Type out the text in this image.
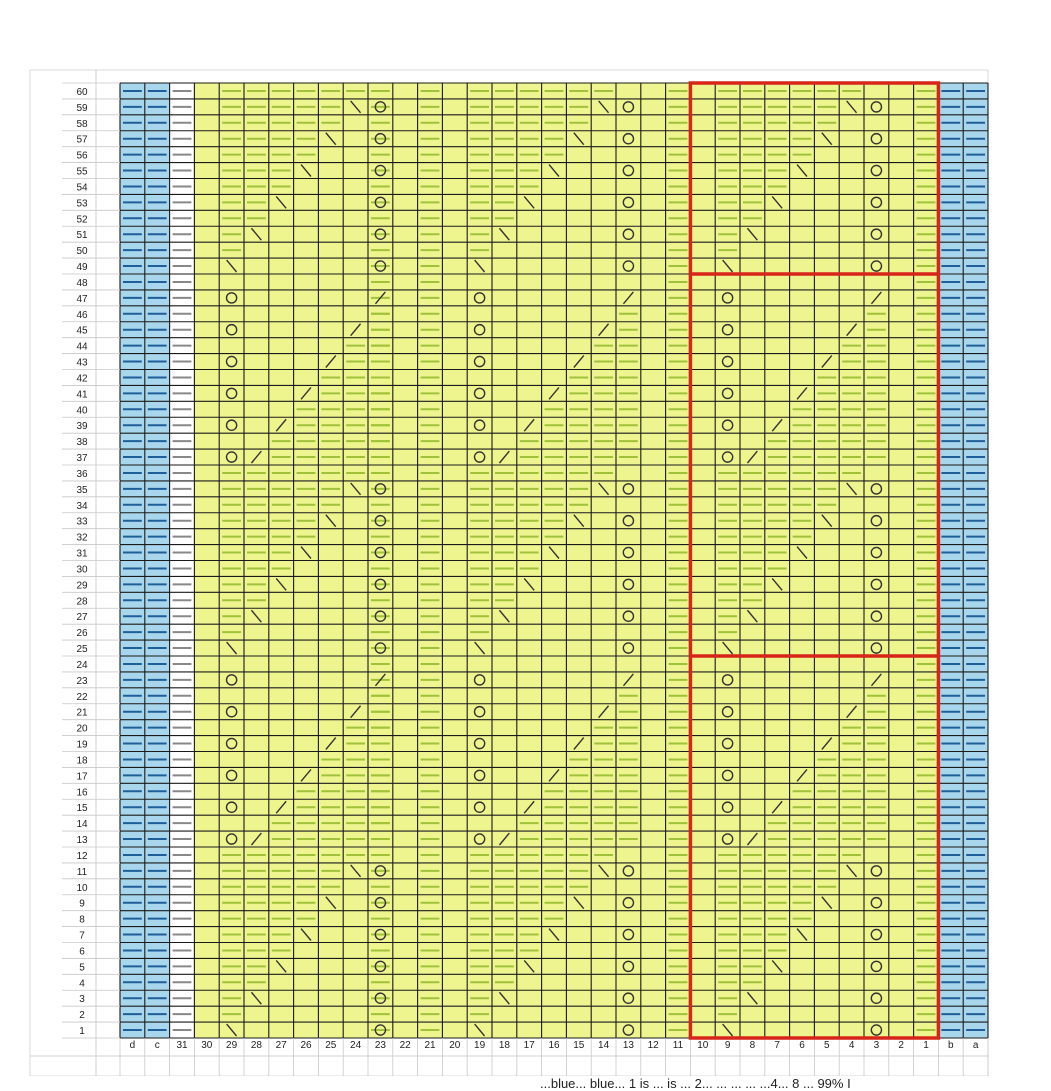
1
2
3
4
5
6
7
8
9
10
11
12
13
14
15
16
17
18
19
20
21
22
23
24
25
26
27
28
29
30
31
32
33
34
35
36
37
38
39
40
41
42
43
44
45
46
47
48
49
50
51
52
53
54
55
56
57
58
59
60
d c 31 30 29 28 27 26 25 24 23 22 21 20 19 18 17 16 15 14 13 12 11 10 9 8 7 6 5 4 3 2 1 b a
...blue... blue... 1 is ... is ... 2... ... ... ... ...4... 8 ... 99% I
